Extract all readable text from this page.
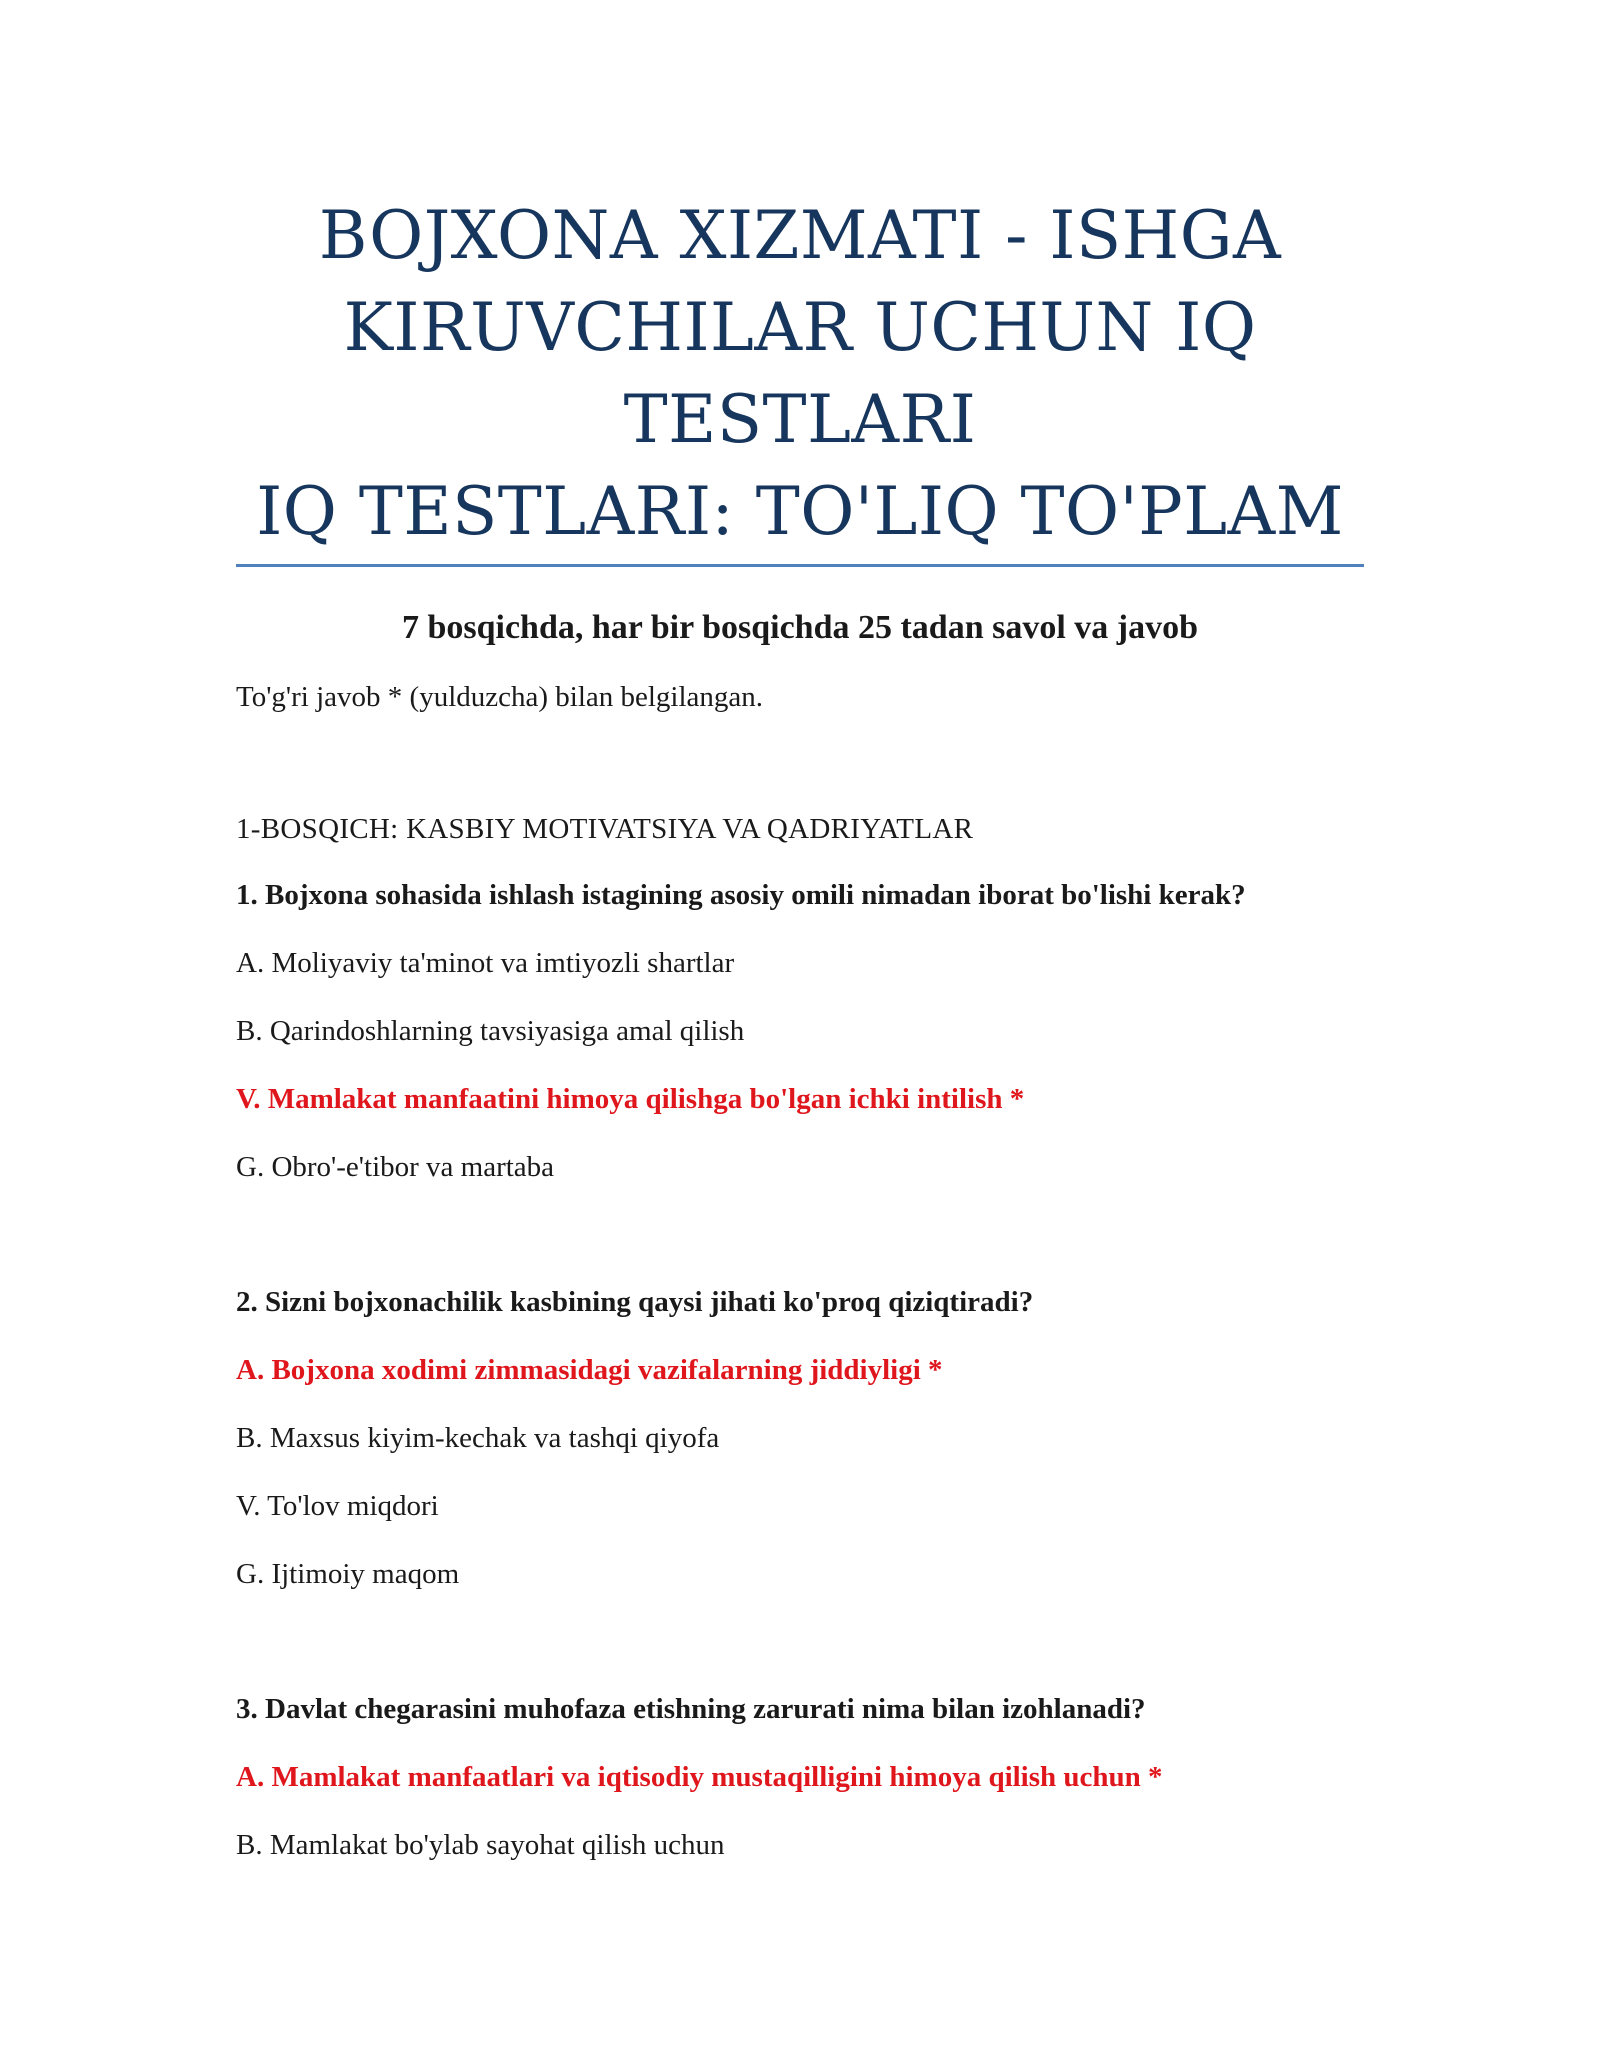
BOJXONA XIZMATI - ISHGA
KIRUVCHILAR UCHUN IQ
TESTLARI
IQ TESTLARI: TO'LIQ TO'PLAM
7 bosqichda, har bir bosqichda 25 tadan savol va javob
To'g'ri javob * (yulduzcha) bilan belgilangan.
1-BOSQICH: KASBIY MOTIVATSIYA VA QADRIYATLAR
1. Bojxona sohasida ishlash istagining asosiy omili nimadan iborat bo'lishi kerak?
A. Moliyaviy ta'minot va imtiyozli shartlar
B. Qarindoshlarning tavsiyasiga amal qilish
V. Mamlakat manfaatini himoya qilishga bo'lgan ichki intilish *
G. Obro'-e'tibor va martaba
2. Sizni bojxonachilik kasbining qaysi jihati ko'proq qiziqtiradi?
A. Bojxona xodimi zimmasidagi vazifalarning jiddiyligi *
B. Maxsus kiyim-kechak va tashqi qiyofa
V. To'lov miqdori
G. Ijtimoiy maqom
3. Davlat chegarasini muhofaza etishning zarurati nima bilan izohlanadi?
A. Mamlakat manfaatlari va iqtisodiy mustaqilligini himoya qilish uchun *
B. Mamlakat bo'ylab sayohat qilish uchun
